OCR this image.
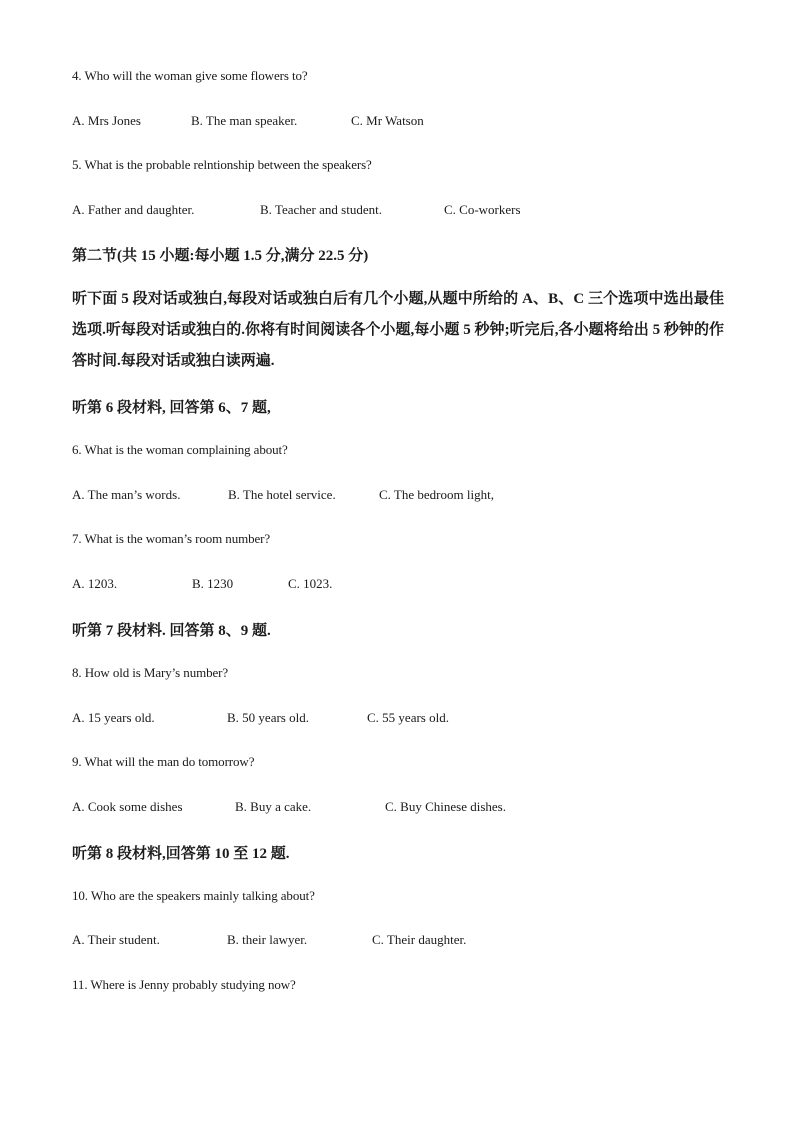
4. Who will the woman give some flowers to?
A. Mrs Jones	B. The man speaker.	C. Mr Watson
5. What is the probable relntionship between the speakers?
A. Father and daughter.	B. Teacher and student.	C. Co-workers
第二节(共 15 小题:每小题 1.5 分,满分 22.5 分)
听下面 5 段对话或独白,每段对话或独白后有几个小题,从题中所给的 A、B、C 三个选项中选出最佳选项.听每段对话或独白的.你将有时间阅读各个小题,每小题 5 秒钟;听完后,各小题将给出 5 秒钟的作答时间.每段对话或独白读两遍.
听第 6 段材料, 回答第 6、7 题,
6. What is the woman complaining about?
A. The man’s words.	B. The hotel service.	C. The bedroom light,
7. What is the woman’s room number?
A. 1203.	B. 1230	C. 1023.
听第 7 段材料. 回答第 8、9 题.
8. How old is Mary’s number?
A. 15 years old.	B. 50 years old.	C. 55 years old.
9. What will the man do tomorrow?
A. Cook some dishes	B. Buy a cake.	C. Buy Chinese dishes.
听第 8 段材料,回答第 10 至 12 题.
10. Who are the speakers mainly talking about?
A. Their student.	B. their lawyer.	C. Their daughter.
11. Where is Jenny probably studying now?
